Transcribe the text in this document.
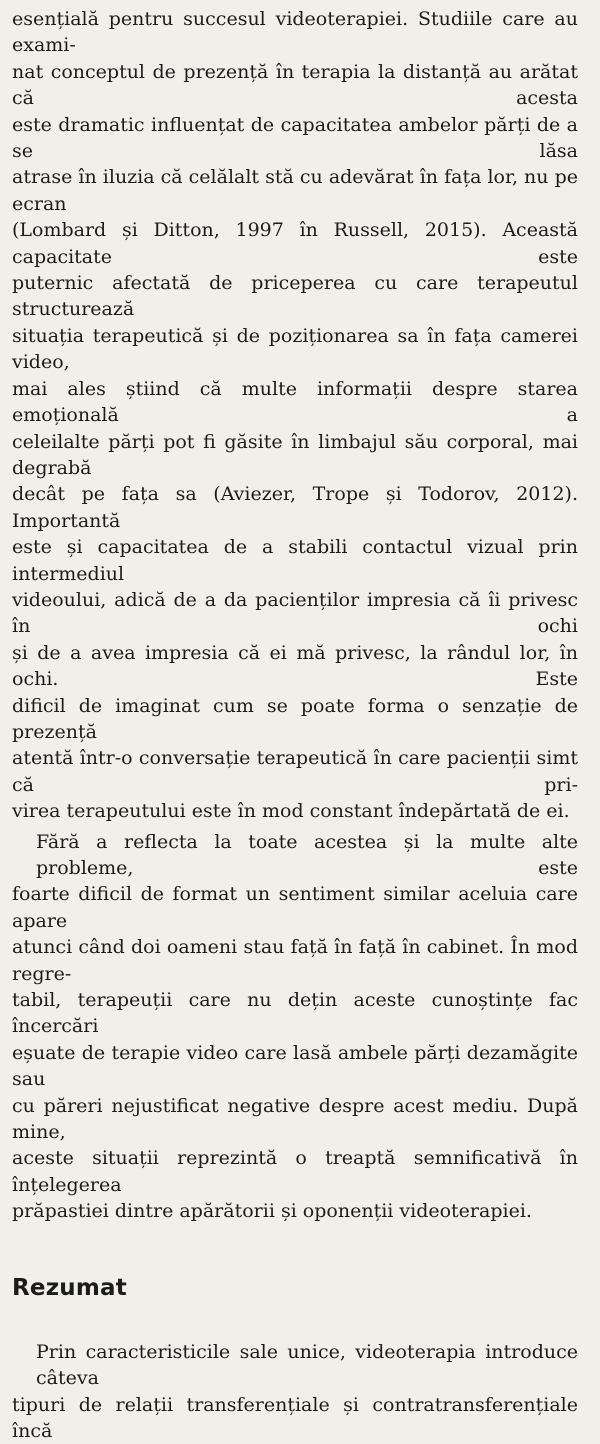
esențială pentru succesul videoterapiei. Studiile care au exami-
nat conceptul de prezență în terapia la distanță au arătat că acesta
este dramatic influențat de capacitatea ambelor părți de a se lăsa
atrase în iluzia că celălalt stă cu adevărat în fața lor, nu pe ecran
(Lombard și Ditton, 1997 în Russell, 2015). Această capacitate este
puternic afectată de priceperea cu care terapeutul structurează
situația terapeutică și de poziționarea sa în fața camerei video,
mai ales știind că multe informații despre starea emoțională a
celeilalte părți pot fi găsite în limbajul său corporal, mai degrabă
decât pe fața sa (Aviezer, Trope și Todorov, 2012). Importantă
este și capacitatea de a stabili contactul vizual prin intermediul
videoului, adică de a da pacienților impresia că îi privesc în ochi
și de a avea impresia că ei mă privesc, la rândul lor, în ochi. Este
dificil de imaginat cum se poate forma o senzație de prezență
atentă într-o conversație terapeutică în care pacienții simt că pri-
virea terapeutului este în mod constant îndepărtată de ei.
Fără a reflecta la toate acestea și la multe alte probleme, este
foarte dificil de format un sentiment similar aceluia care apare
atunci când doi oameni stau față în față în cabinet. În mod regre-
tabil, terapeuții care nu dețin aceste cunoștințe fac încercări
eșuate de terapie video care lasă ambele părți dezamăgite sau
cu păreri nejustificat negative despre acest mediu. După mine,
aceste situații reprezintă o treaptă semnificativă în înțelegerea
prăpastiei dintre apărătorii și oponenții videoterapiei.
Rezumat
Prin caracteristicile sale unice, videoterapia introduce câteva
tipuri de relații transferențiale și contratransferențiale încă
